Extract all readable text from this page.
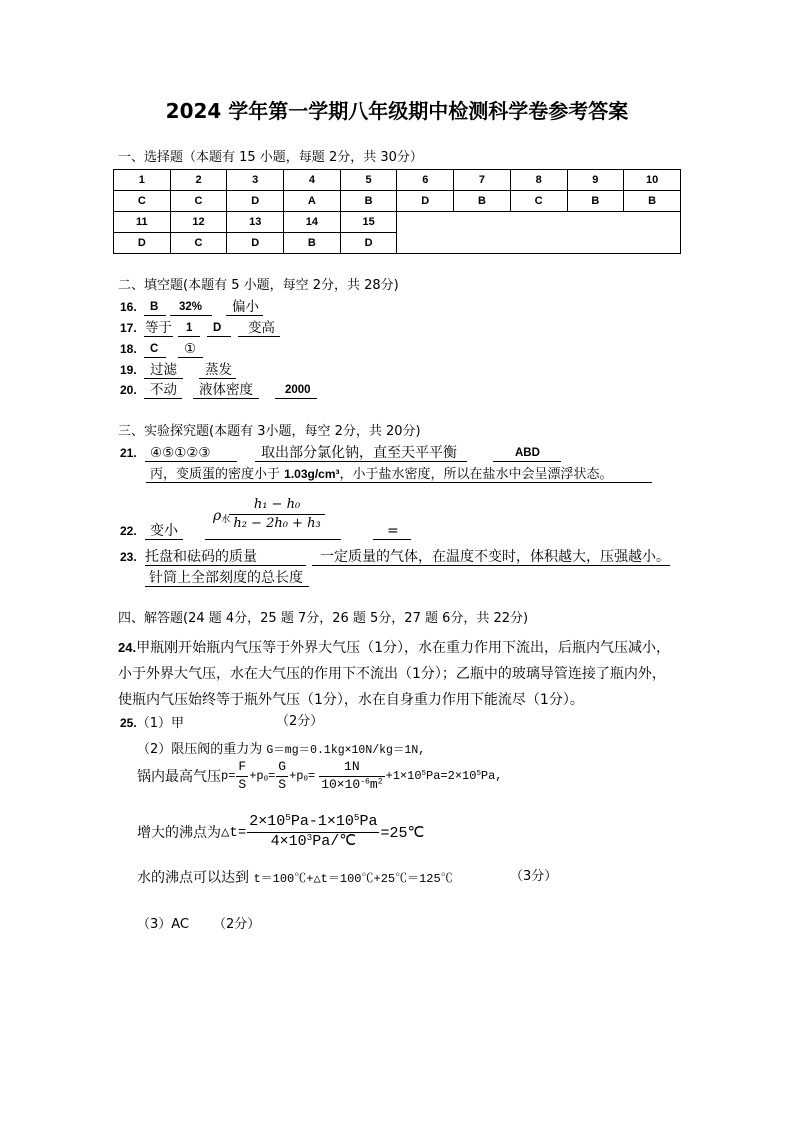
2024 学年第一学期八年级期中检测科学卷参考答案
一、选择题（本题有 15 小题，每题 2分，共 30分）
1	2	3	4	5	6	7	8	9	10
C	C	D	A	B	D	B	C	B	B
11	12	13	14	15					
D	C	D	B	D					
二、填空题(本题有 5 小题，每空 2分，共 28分)
16.	B	32%	偏小
17. 等于	1	D	变高
18.	C	①
19. 过滤	蒸发
20. 不动	液体密度	2000
三、实验探究题(本题有 3小题，每空 2分，共 20分)
21. ④⑤①②③	取出部分氯化钠，直至天平平衡	ABD
丙，变质蛋的密度小于 1.03g/cm³，小于盐水密度，所以在盐水中会呈漂浮状态。
22. 变小
$\rho_水$
$\frac{\text{h₁ − h₀}}{\text{h₂ − 2h₀ + h₃}}$	=
23. 托盘和砝码的质量	一定质量的气体，在温度不变时，体积越大，压强越小。
针筒上全部刻度的总长度
四、解答题(24 题 4分，25 题 7分，26 题 5分，27 题 6分，共 22分)
24.甲瓶刚开始瓶内气压等于外界大气压（1分），水在重力作用下流出，后瓶内气压减小，
小于外界大气压，水在大气压的作用下不流出（1分）；乙瓶中的玻璃导管连接了瓶内外，
使瓶内气压始终等于瓶外气压（1分），水在自身重力作用下能流尽（1分）。
25.（1）甲	（2分）
（2）限压阀的重力为 G＝mg＝0.1kg×10N/kg＝1N,
锅内最高气压 $p= \frac{F}{S} +p_0= \frac{G}{S} +p_0= \frac{1N}{10\times 10^{-6}m^2} +1\times 10^5Pa=2\times 10^5Pa$,
增大的沸点为 △t= $\frac{2\times 10^5Pa-1\times 10^5Pa}{4\times 10^3Pa/℃}$ =25℃
水的沸点可以达到 t＝100℃+△t＝100℃+25℃＝125℃	（3分）
（3）AC （2分）
